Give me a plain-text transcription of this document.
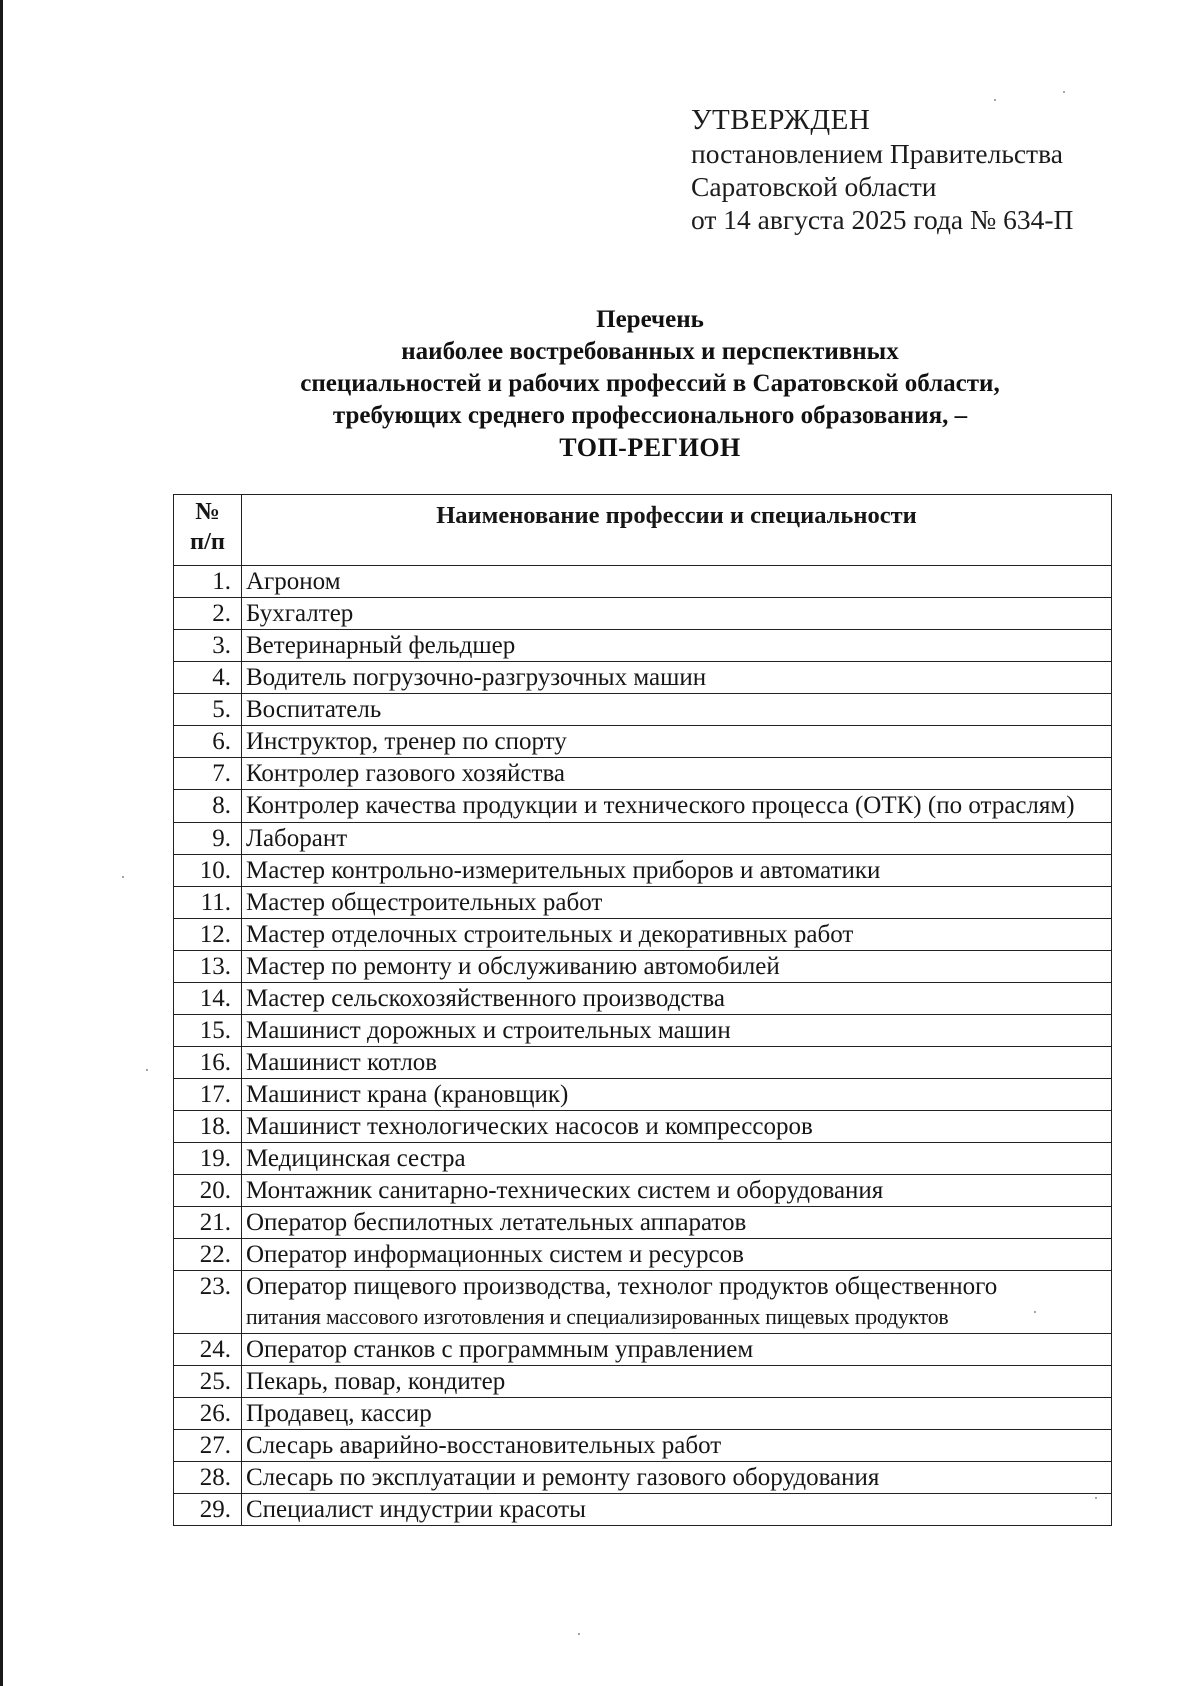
УТВЕРЖДЕН
постановлением Правительства
Саратовской области
от 14 августа 2025 года № 634-П
Перечень
наиболее востребованных и перспективных
специальностей и рабочих профессий в Саратовской области,
требующих среднего профессионального образования, –
ТОП-РЕГИОН
№
п/п	Наименование профессии и специальности
1.	Агроном
2.	Бухгалтер
3.	Ветеринарный фельдшер
4.	Водитель погрузочно-разгрузочных машин
5.	Воспитатель
6.	Инструктор, тренер по спорту
7.	Контролер газового хозяйства
8.	Контролер качества продукции и технического процесса (ОТК) (по отраслям)
9.	Лаборант
10.	Мастер контрольно-измерительных приборов и автоматики
11.	Мастер общестроительных работ
12.	Мастер отделочных строительных и декоративных работ
13.	Мастер по ремонту и обслуживанию автомобилей
14.	Мастер сельскохозяйственного производства
15.	Машинист дорожных и строительных машин
16.	Машинист котлов
17.	Машинист крана (крановщик)
18.	Машинист технологических насосов и компрессоров
19.	Медицинская сестра
20.	Монтажник санитарно-технических систем и оборудования
21.	Оператор беспилотных летательных аппаратов
22.	Оператор информационных систем и ресурсов
23.	Оператор пищевого производства, технолог продуктов общественного
питания массового изготовления и специализированных пищевых продуктов

24.	Оператор станков с программным управлением
25.	Пекарь, повар, кондитер
26.	Продавец, кассир
27.	Слесарь аварийно-восстановительных работ
28.	Слесарь по эксплуатации и ремонту газового оборудования
29.	Специалист индустрии красоты
